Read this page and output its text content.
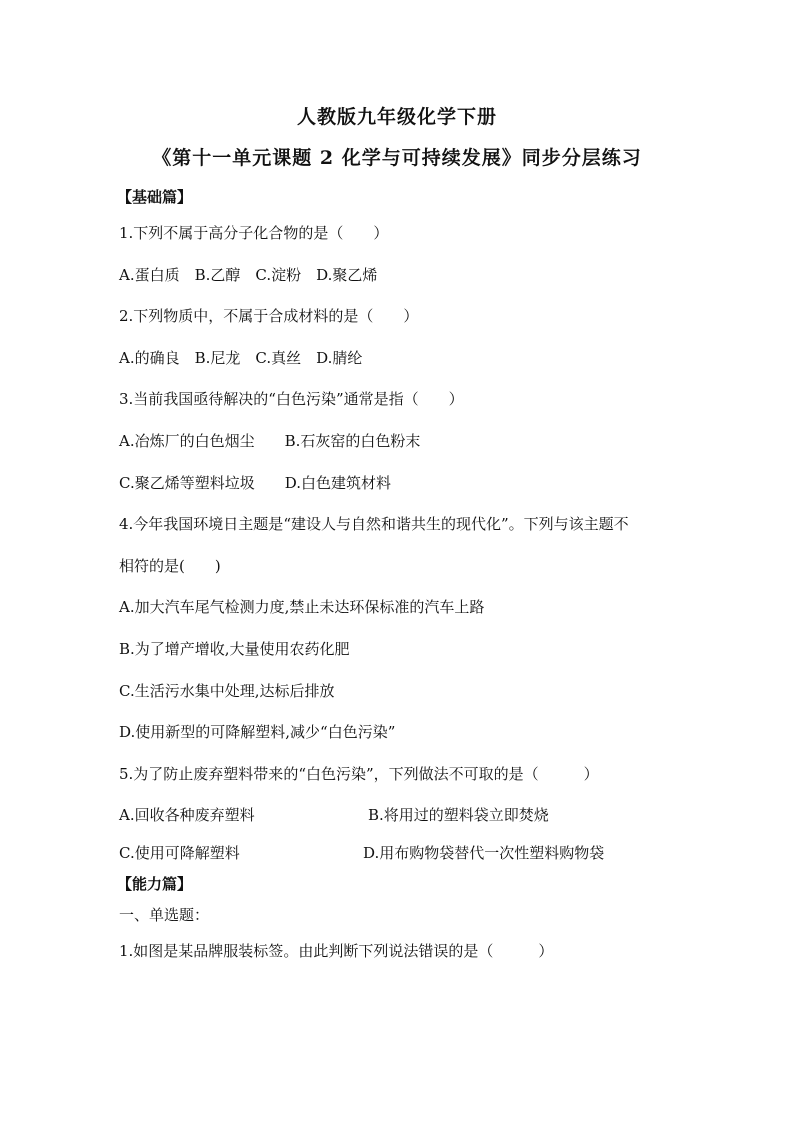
人教版九年级化学下册
《第十一单元课题 2 化学与可持续发展》同步分层练习
【基础篇】
1.下列不属于高分子化合物的是（　　）
A.蛋白质　B.乙醇　C.淀粉　D.聚乙烯
2.下列物质中，不属于合成材料的是（　　）
A.的确良　B.尼龙　C.真丝　D.腈纶
3.当前我国亟待解决的“白色污染”通常是指（　　）
A.冶炼厂的白色烟尘　　B.石灰窑的白色粉末
C.聚乙烯等塑料垃圾　　D.白色建筑材料
4.今年我国环境日主题是“建设人与自然和谐共生的现代化”。下列与该主题不
相符的是(　　)
A.加大汽车尾气检测力度,禁止未达环保标准的汽车上路
B.为了增产增收,大量使用农药化肥
C.生活污水集中处理,达标后排放
D.使用新型的可降解塑料,减少“白色污染”
5.为了防止废弃塑料带来的“白色污染”，下列做法不可取的是（　　　）
A.回收各种废弃塑料	B.将用过的塑料袋立即焚烧
C.使用可降解塑料	D.用布购物袋替代一次性塑料购物袋
【能力篇】
一、单选题：
1.如图是某品牌服装标签。由此判断下列说法错误的是（　　　）
